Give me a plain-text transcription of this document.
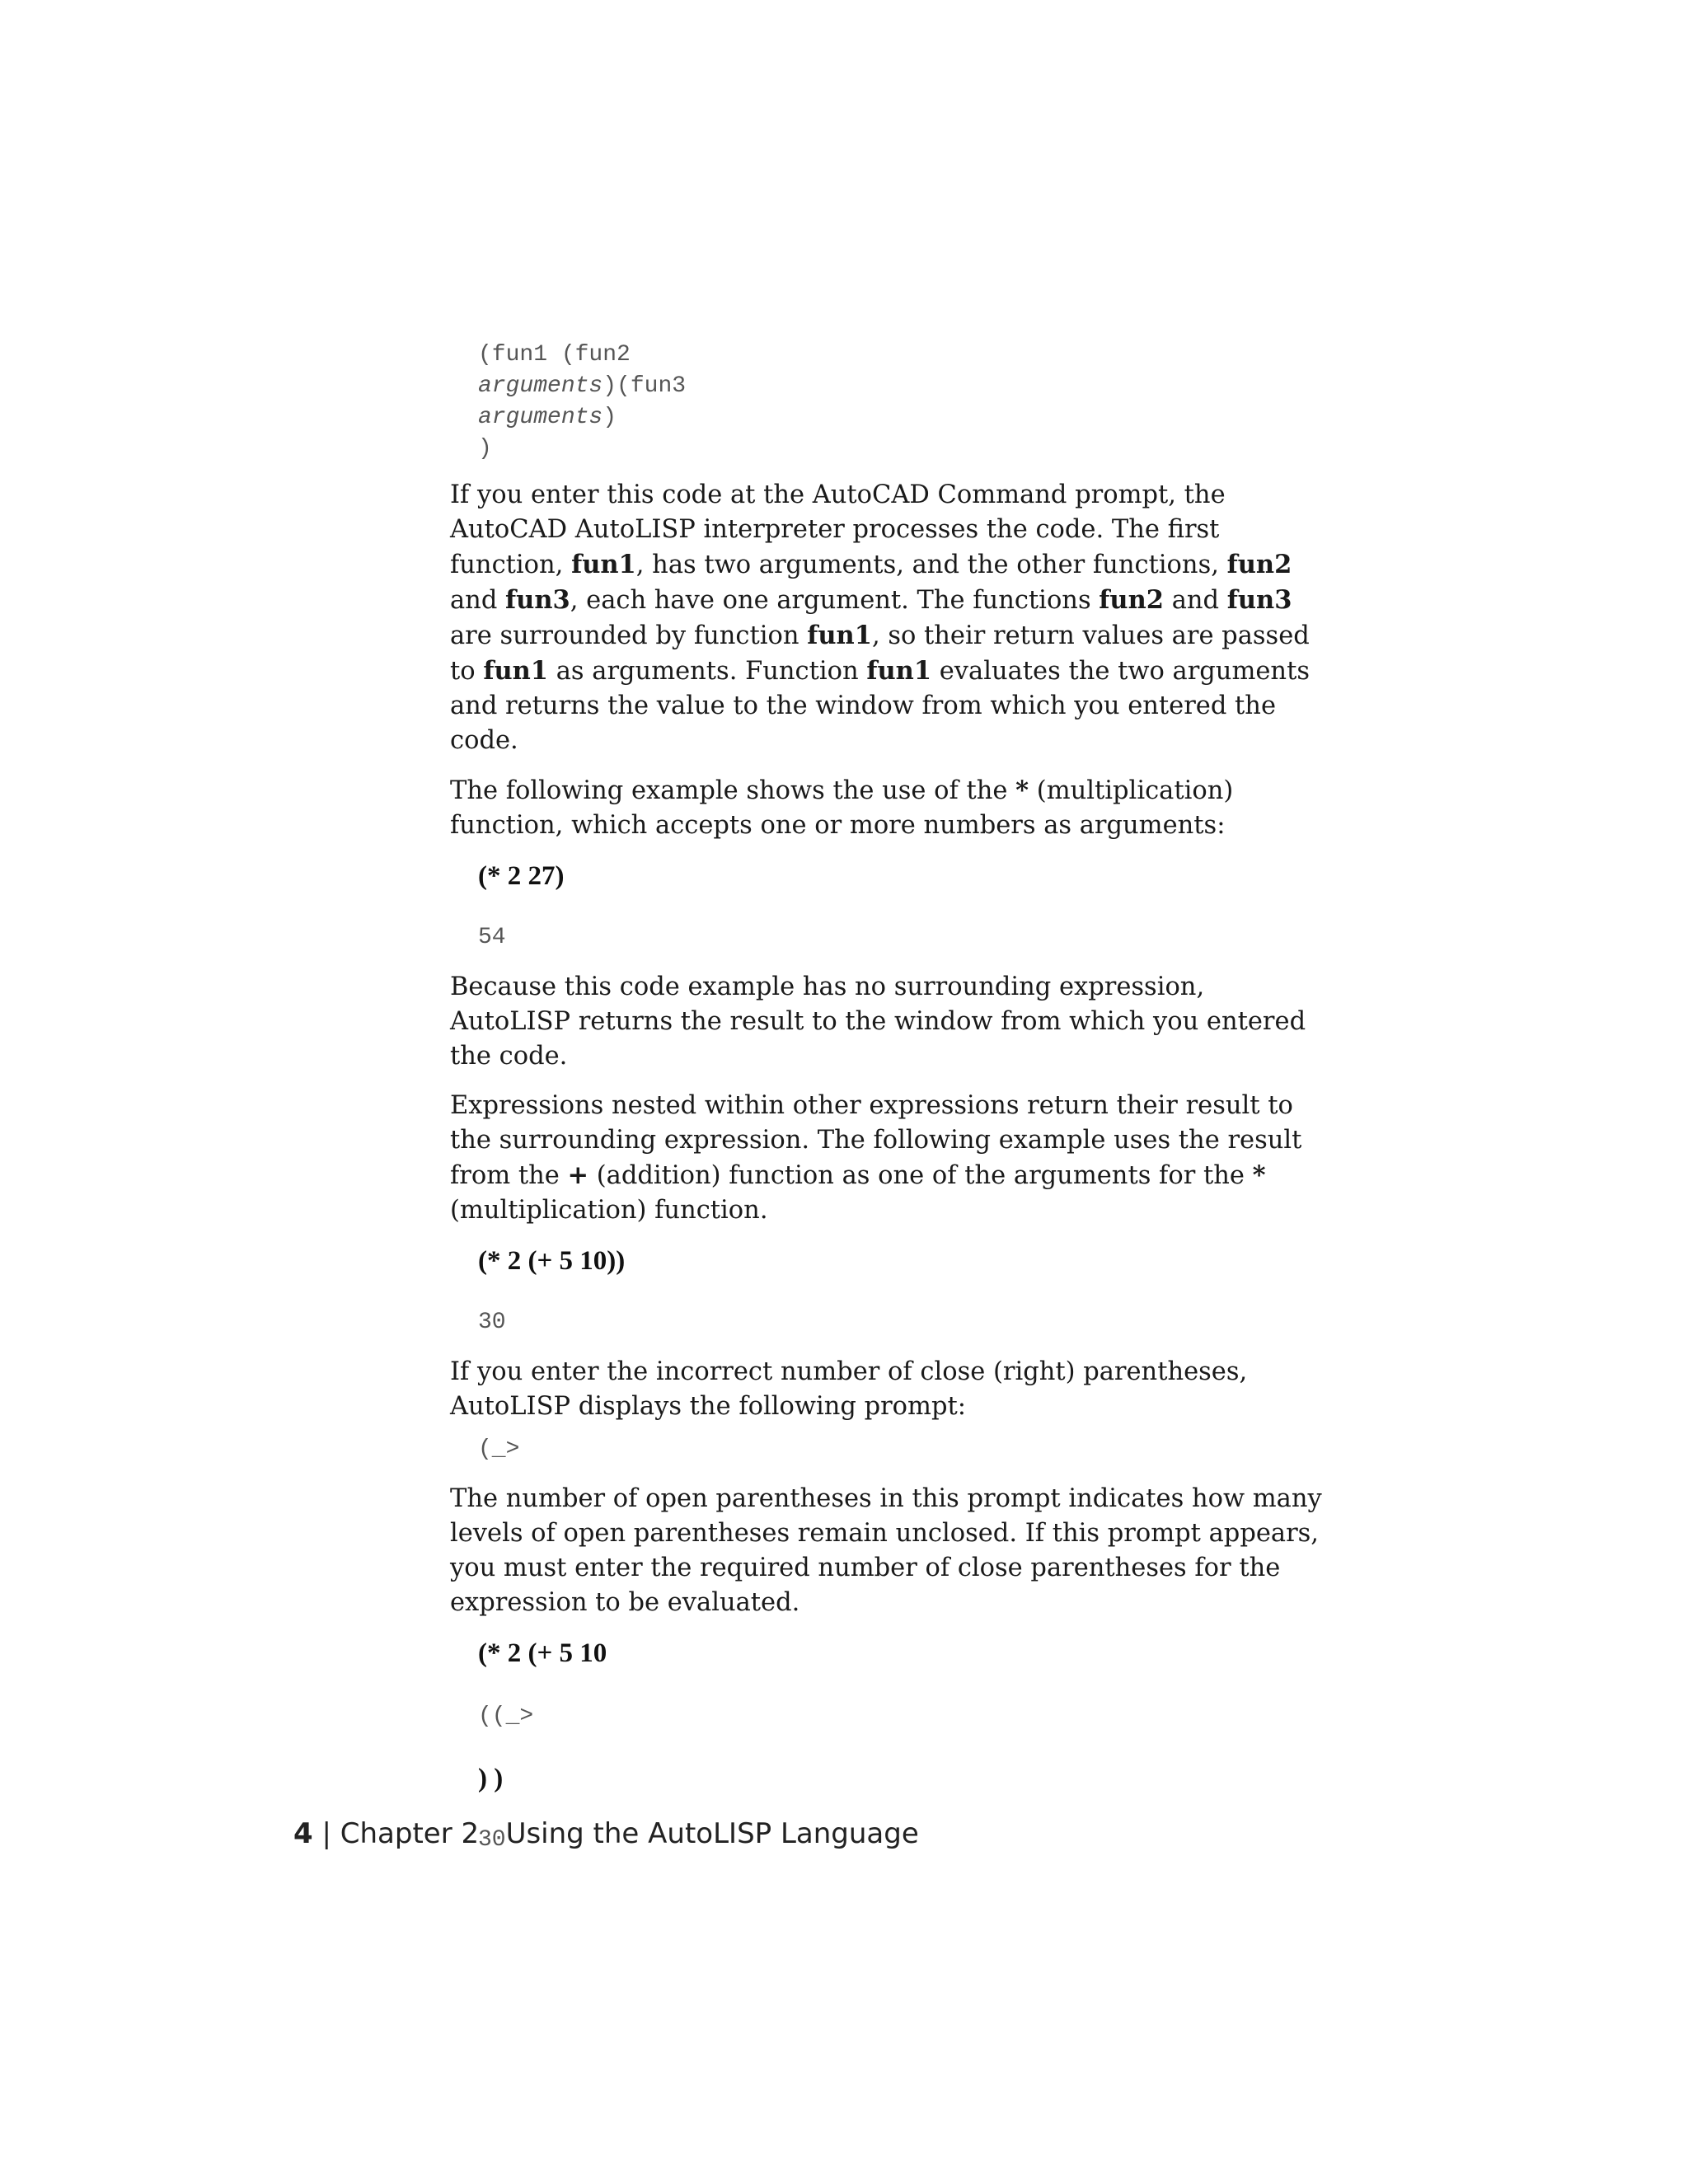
(fun1 (fun2
arguments)(fun3
arguments)
)

If you enter this code at the AutoCAD Command prompt, the AutoCAD AutoLISP interpreter processes the code. The first function, fun1, has two arguments, and the other functions, fun2 and fun3, each have one argument. The functions fun2 and fun3 are surrounded by function fun1, so their return values are passed to fun1 as arguments. Function fun1 evaluates the two arguments and returns the value to the window from which you entered the code.

The following example shows the use of the * (multiplication) function, which accepts one or more numbers as arguments:

(* 2 27)
54

Because this code example has no surrounding expression, AutoLISP returns the result to the window from which you entered the code.

Expressions nested within other expressions return their result to the surrounding expression. The following example uses the result from the + (addition) function as one of the arguments for the * (multiplication) function.

(* 2 (+ 5 10))
30

If you enter the incorrect number of close (right) parentheses, AutoLISP displays the following prompt:

(_>

The number of open parentheses in this prompt indicates how many levels of open parentheses remain unclosed. If this prompt appears, you must enter the required number of close parentheses for the expression to be evaluated.

(* 2 (+ 5 10
((_>
) )
30
4 | Chapter 2 Using the AutoLISP Language
